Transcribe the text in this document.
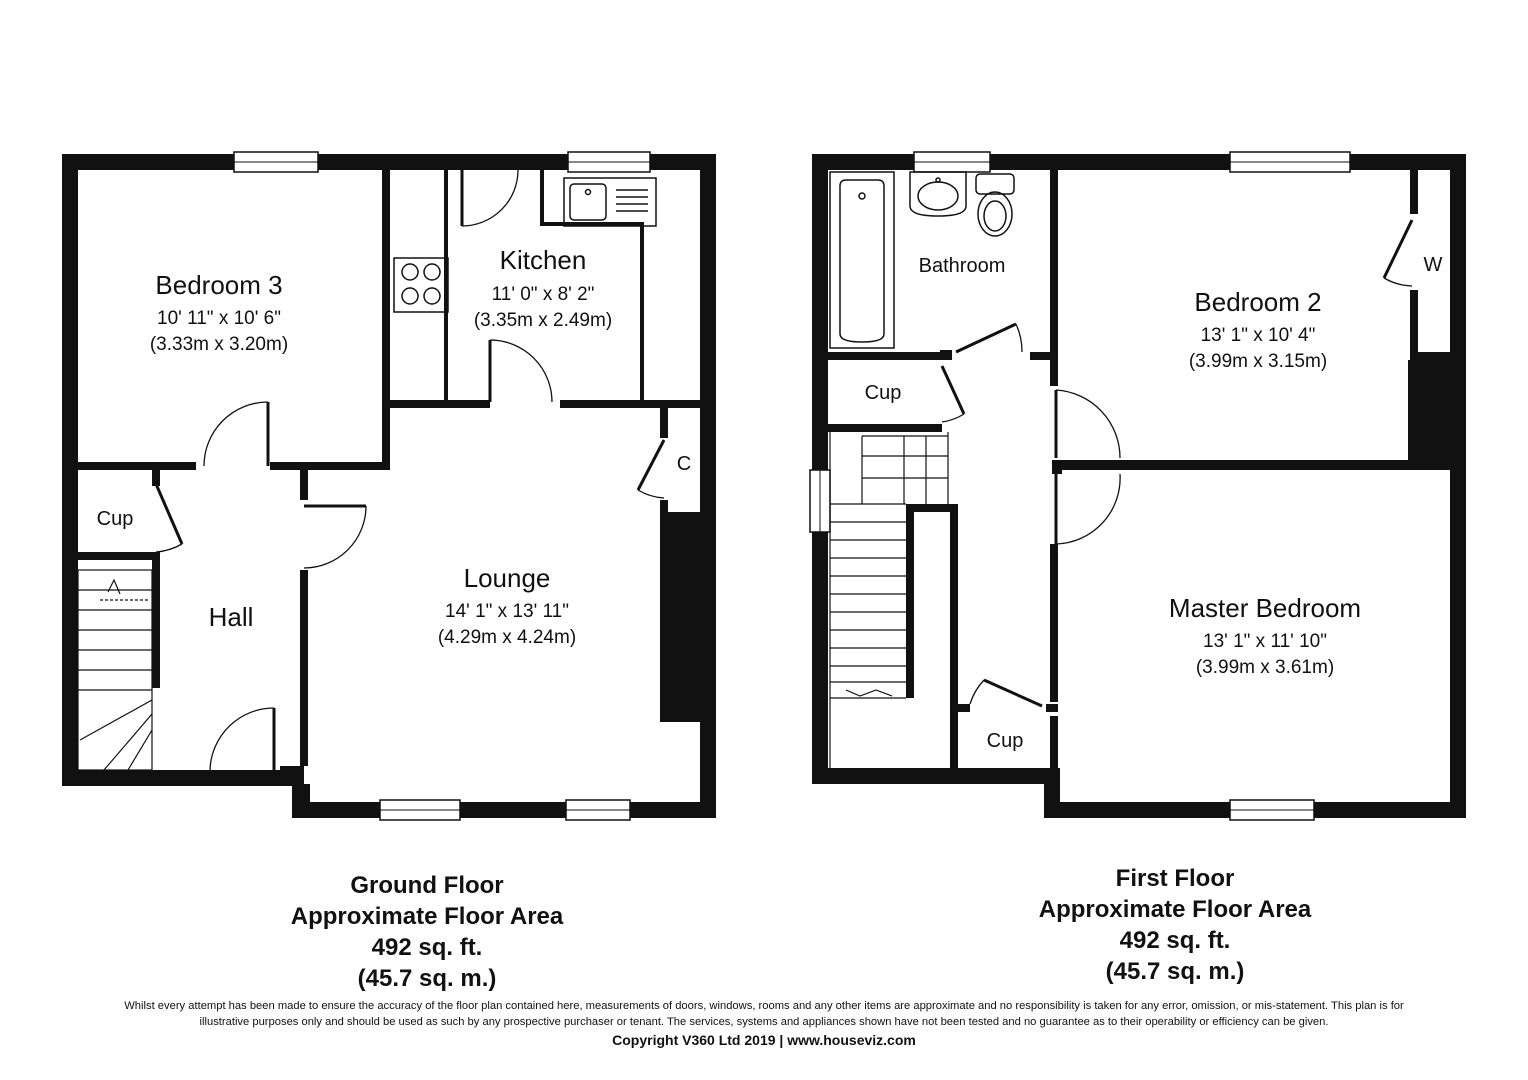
Bedroom 3
10' 11" x 10' 6"
(3.33m x 3.20m)
Kitchen
11' 0" x 8' 2"
(3.35m x 2.49m)
Lounge
14' 1" x 13' 11"
(4.29m x 4.24m)
Hall
Cup
C
Bathroom
Bedroom 2
13' 1" x 10' 4"
(3.99m x 3.15m)
Master Bedroom
13' 1" x 11' 10"
(3.99m x 3.61m)
Cup
Cup
W
Ground Floor
Approximate Floor Area
492 sq. ft.
(45.7 sq. m.)
First Floor
Approximate Floor Area
492 sq. ft.
(45.7 sq. m.)
Whilst every attempt has been made to ensure the accuracy of the floor plan contained here, measurements of doors, windows, rooms and any other items are approximate and no responsibility is taken for any error, omission, or mis-statement. This plan is for
illustrative purposes only and should be used as such by any prospective purchaser or tenant. The services, systems and appliances shown have not been tested and no guarantee as to their operability or efficiency can be given.
Copyright V360 Ltd 2019 | www.houseviz.com
